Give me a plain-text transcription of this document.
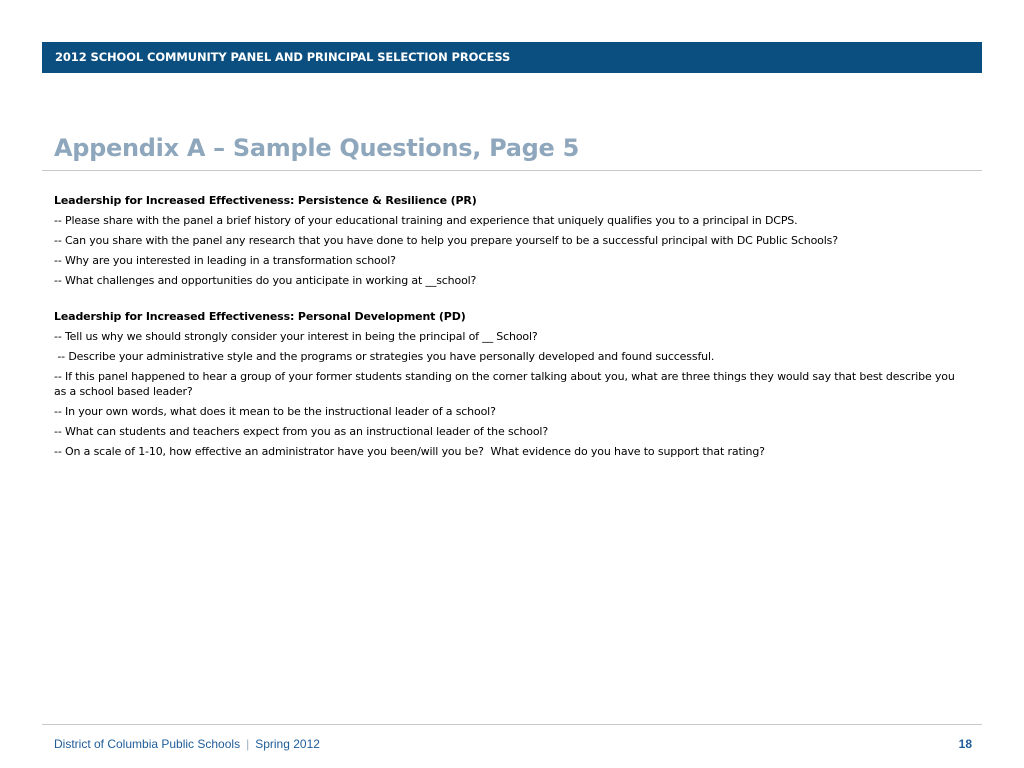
2012 SCHOOL COMMUNITY PANEL AND PRINCIPAL SELECTION PROCESS
Appendix A – Sample Questions, Page 5
Leadership for Increased Effectiveness: Persistence & Resilience (PR)
-- Please share with the panel a brief history of your educational training and experience that uniquely qualifies you to a principal in DCPS.
-- Can you share with the panel any research that you have done to help you prepare yourself to be a successful principal with DC Public Schools?
-- Why are you interested in leading in a transformation school?
-- What challenges and opportunities do you anticipate in working at __school?
Leadership for Increased Effectiveness: Personal Development (PD)
-- Tell us why we should strongly consider your interest in being the principal of __ School?
-- Describe your administrative style and the programs or strategies you have personally developed and found successful.
-- If this panel happened to hear a group of your former students standing on the corner talking about you, what are three things they would say that best describe you as a school based leader?
-- In your own words, what does it mean to be the instructional leader of a school?
-- What can students and teachers expect from you as an instructional leader of the school?
-- On a scale of 1-10, how effective an administrator have you been/will you be?  What evidence do you have to support that rating?
District of Columbia Public Schools | Spring 2012	18
